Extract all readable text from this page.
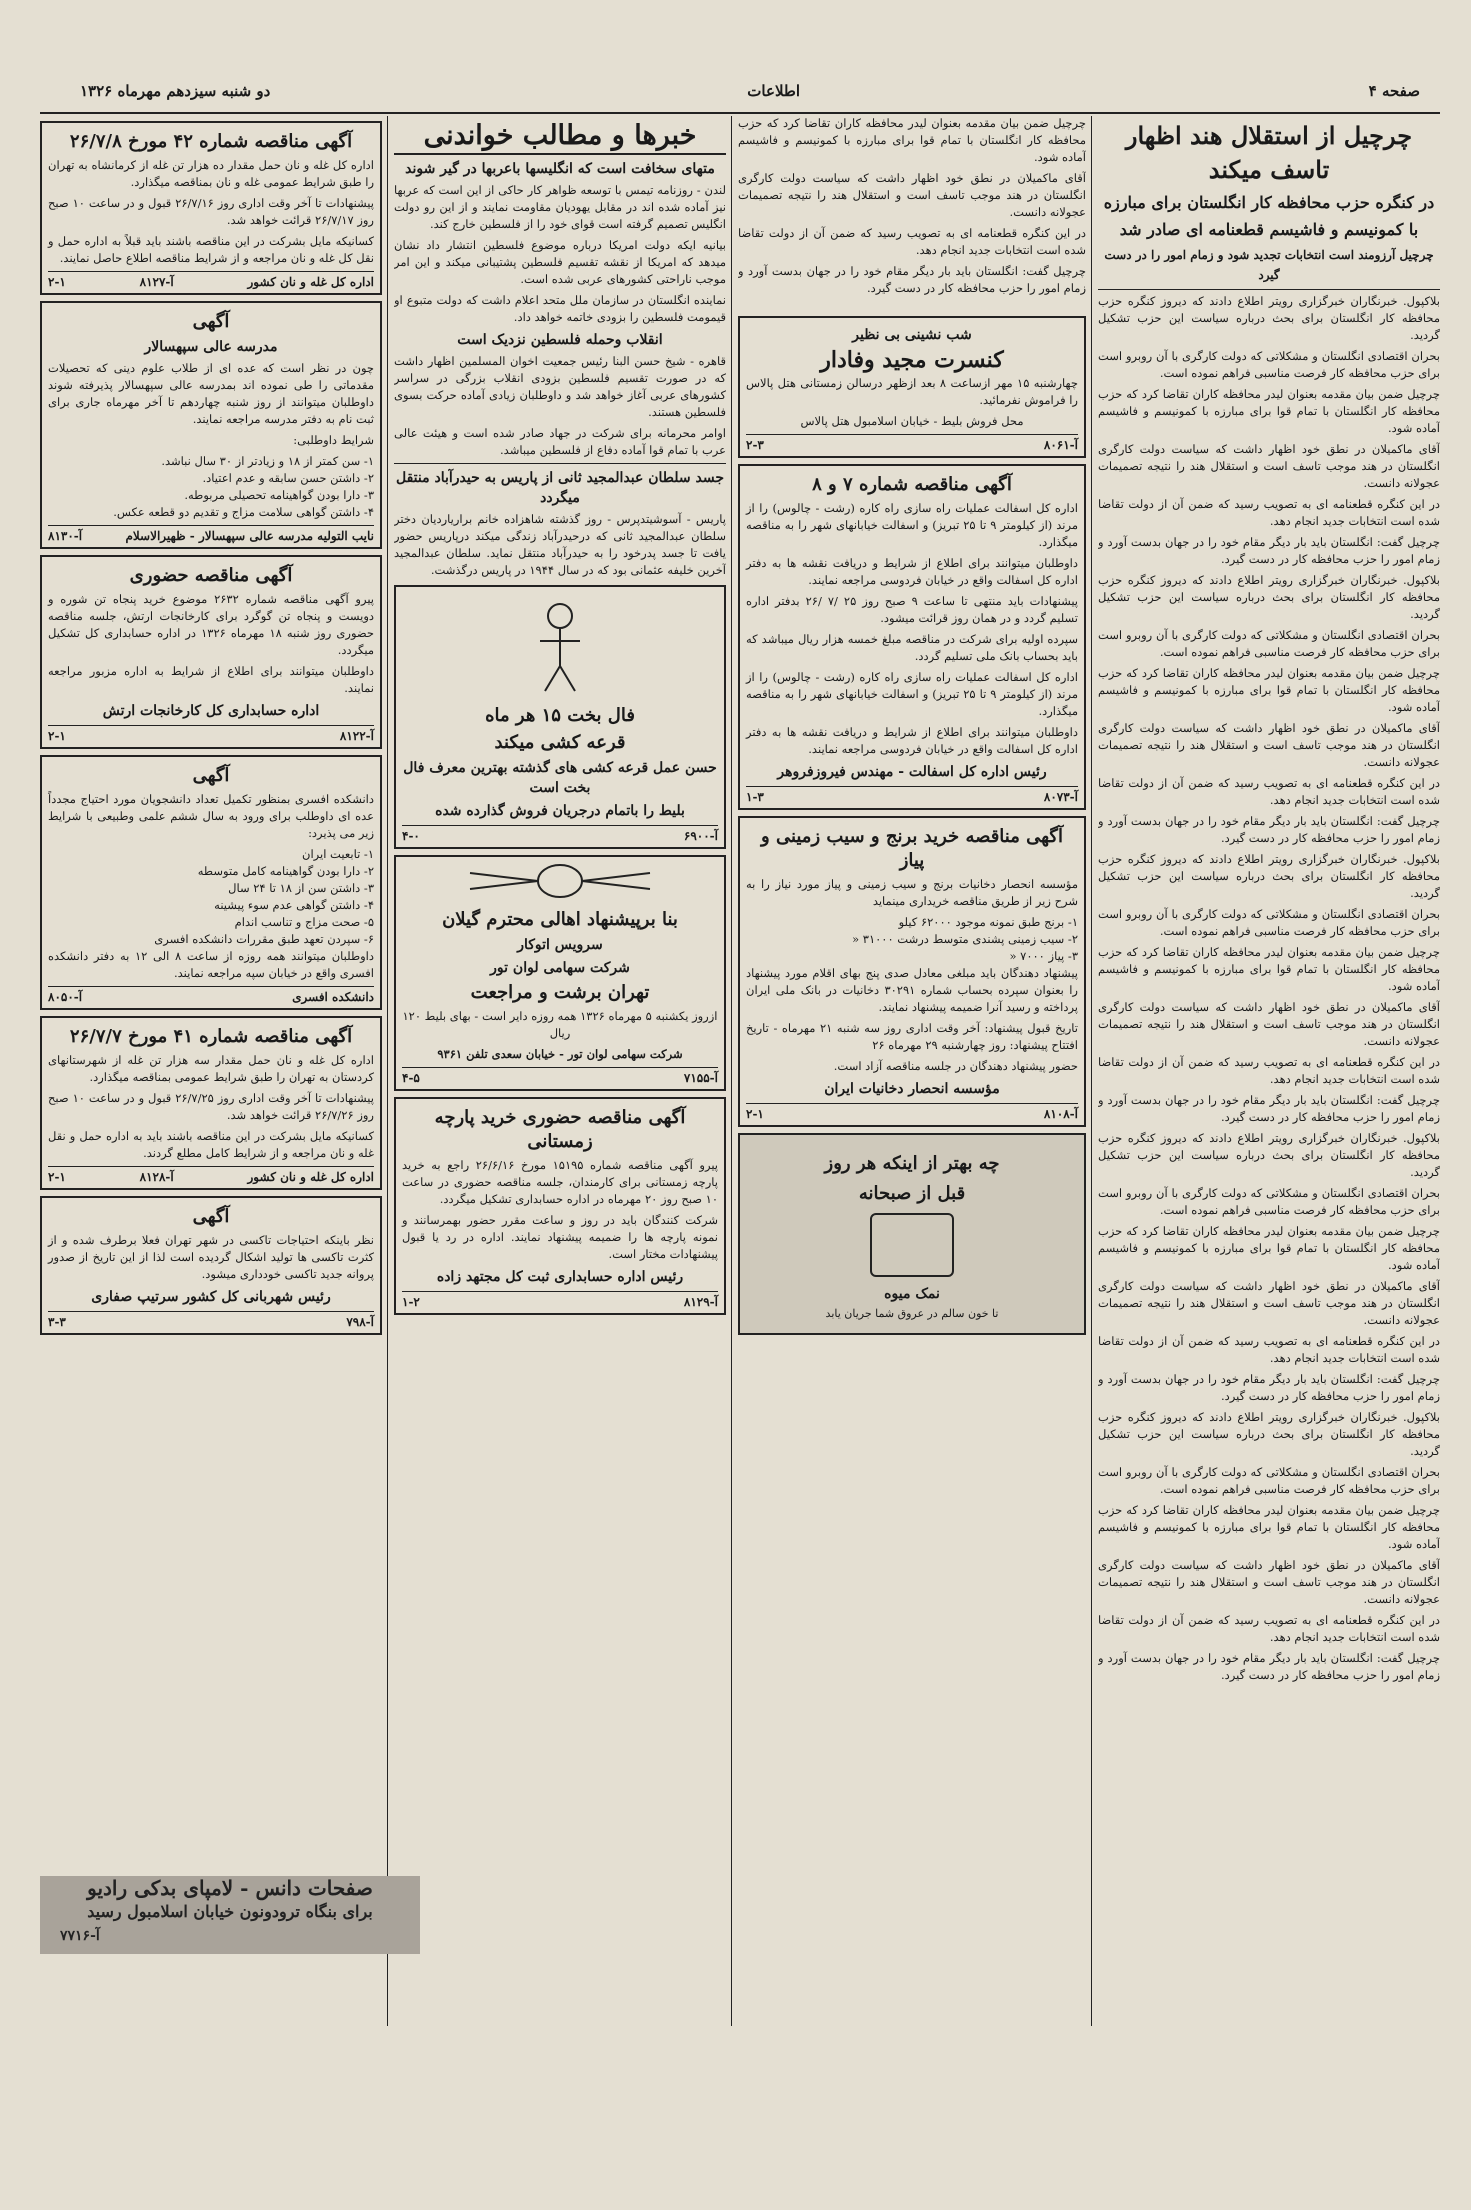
صفحه ۴
اطلاعات
دو شنبه سیزدهم مهرماه ۱۳۲۶
چرچیل از استقلال هند اظهار تاسف میکند
در کنگره حزب محافظه کار انگلستان برای مبارزه
با کمونیسم و فاشیسم قطعنامه ای صادر شد
چرچیل آرزومند است انتخابات تجدید شود و زمام امور را در دست گیرد

بلاكپول. خبرنگاران خبرگزاری رویتر اطلاع دادند که دیروز کنگره حزب محافظه کار انگلستان برای بحث درباره سیاست این حزب تشکیل گردید.

بحران اقتصادی انگلستان و مشکلاتی که دولت کارگری با آن روبرو است برای حزب محافظه کار فرصت مناسبی فراهم نموده است.

چرچیل ضمن بیان مقدمه بعنوان لیدر محافظه کاران تقاضا کرد که حزب محافظه کار انگلستان با تمام قوا برای مبارزه با کمونیسم و فاشیسم آماده شود.

آقای ماکمیلان در نطق خود اظهار داشت که سیاست دولت کارگری انگلستان در هند موجب تاسف است و استقلال هند را نتیجه تصمیمات عجولانه دانست.

در این کنگره قطعنامه ای به تصویب رسید که ضمن آن از دولت تقاضا شده است انتخابات جدید انجام دهد.

چرچیل گفت: انگلستان باید بار دیگر مقام خود را در جهان بدست آورد و زمام امور را حزب محافظه کار در دست گیرد.

بلاكپول. خبرنگاران خبرگزاری رویتر اطلاع دادند که دیروز کنگره حزب محافظه کار انگلستان برای بحث درباره سیاست این حزب تشکیل گردید.

بحران اقتصادی انگلستان و مشکلاتی که دولت کارگری با آن روبرو است برای حزب محافظه کار فرصت مناسبی فراهم نموده است.

چرچیل ضمن بیان مقدمه بعنوان لیدر محافظه کاران تقاضا کرد که حزب محافظه کار انگلستان با تمام قوا برای مبارزه با کمونیسم و فاشیسم آماده شود.

آقای ماکمیلان در نطق خود اظهار داشت که سیاست دولت کارگری انگلستان در هند موجب تاسف است و استقلال هند را نتیجه تصمیمات عجولانه دانست.

در این کنگره قطعنامه ای به تصویب رسید که ضمن آن از دولت تقاضا شده است انتخابات جدید انجام دهد.

چرچیل گفت: انگلستان باید بار دیگر مقام خود را در جهان بدست آورد و زمام امور را حزب محافظه کار در دست گیرد.

بلاكپول. خبرنگاران خبرگزاری رویتر اطلاع دادند که دیروز کنگره حزب محافظه کار انگلستان برای بحث درباره سیاست این حزب تشکیل گردید.

بحران اقتصادی انگلستان و مشکلاتی که دولت کارگری با آن روبرو است برای حزب محافظه کار فرصت مناسبی فراهم نموده است.

چرچیل ضمن بیان مقدمه بعنوان لیدر محافظه کاران تقاضا کرد که حزب محافظه کار انگلستان با تمام قوا برای مبارزه با کمونیسم و فاشیسم آماده شود.

آقای ماکمیلان در نطق خود اظهار داشت که سیاست دولت کارگری انگلستان در هند موجب تاسف است و استقلال هند را نتیجه تصمیمات عجولانه دانست.

در این کنگره قطعنامه ای به تصویب رسید که ضمن آن از دولت تقاضا شده است انتخابات جدید انجام دهد.

چرچیل گفت: انگلستان باید بار دیگر مقام خود را در جهان بدست آورد و زمام امور را حزب محافظه کار در دست گیرد.

بلاكپول. خبرنگاران خبرگزاری رویتر اطلاع دادند که دیروز کنگره حزب محافظه کار انگلستان برای بحث درباره سیاست این حزب تشکیل گردید.

بحران اقتصادی انگلستان و مشکلاتی که دولت کارگری با آن روبرو است برای حزب محافظه کار فرصت مناسبی فراهم نموده است.

چرچیل ضمن بیان مقدمه بعنوان لیدر محافظه کاران تقاضا کرد که حزب محافظه کار انگلستان با تمام قوا برای مبارزه با کمونیسم و فاشیسم آماده شود.

آقای ماکمیلان در نطق خود اظهار داشت که سیاست دولت کارگری انگلستان در هند موجب تاسف است و استقلال هند را نتیجه تصمیمات عجولانه دانست.

در این کنگره قطعنامه ای به تصویب رسید که ضمن آن از دولت تقاضا شده است انتخابات جدید انجام دهد.

چرچیل گفت: انگلستان باید بار دیگر مقام خود را در جهان بدست آورد و زمام امور را حزب محافظه کار در دست گیرد.

بلاكپول. خبرنگاران خبرگزاری رویتر اطلاع دادند که دیروز کنگره حزب محافظه کار انگلستان برای بحث درباره سیاست این حزب تشکیل گردید.

بحران اقتصادی انگلستان و مشکلاتی که دولت کارگری با آن روبرو است برای حزب محافظه کار فرصت مناسبی فراهم نموده است.

چرچیل ضمن بیان مقدمه بعنوان لیدر محافظه کاران تقاضا کرد که حزب محافظه کار انگلستان با تمام قوا برای مبارزه با کمونیسم و فاشیسم آماده شود.

آقای ماکمیلان در نطق خود اظهار داشت که سیاست دولت کارگری انگلستان در هند موجب تاسف است و استقلال هند را نتیجه تصمیمات عجولانه دانست.

در این کنگره قطعنامه ای به تصویب رسید که ضمن آن از دولت تقاضا شده است انتخابات جدید انجام دهد.

چرچیل گفت: انگلستان باید بار دیگر مقام خود را در جهان بدست آورد و زمام امور را حزب محافظه کار در دست گیرد.

شب نشینی بی نظیر
کنسرت مجید وفادار

چهارشنبه ۱۵ مهر ازساعت ۸ بعد ازظهر درسالن زمستانی هتل پالاس را فراموش نفرمائید.

محل فروش بلیط - خیابان اسلامبول هتل پالاس

آ-۸۰۶۱
۲-۳
آگهی مناقصه شماره ۷ و ۸

اداره کل اسفالت عملیات راه سازی راه کاره (رشت - چالوس) را از مرند (از کیلومتر ۹ تا ۲۵ تبریز) و اسفالت خیابانهای شهر را به مناقصه میگذارد.

داوطلبان میتوانند برای اطلاع از شرایط و دریافت نقشه ها به دفتر اداره کل اسفالت واقع در خیابان فردوسی مراجعه نمایند.

پیشنهادات باید منتهی تا ساعت ۹ صبح روز ۲۵ /۷ /۲۶ بدفتر اداره تسلیم گردد و در همان روز قرائت میشود.

سپرده اولیه برای شرکت در مناقصه مبلغ خمسه هزار ریال میباشد که باید بحساب بانک ملی تسلیم گردد.

اداره کل اسفالت عملیات راه سازی راه کاره (رشت - چالوس) را از مرند (از کیلومتر ۹ تا ۲۵ تبریز) و اسفالت خیابانهای شهر را به مناقصه میگذارد.

داوطلبان میتوانند برای اطلاع از شرایط و دریافت نقشه ها به دفتر اداره کل اسفالت واقع در خیابان فردوسی مراجعه نمایند.

رئیس اداره کل اسفالت - مهندس فیروزفروهر
آ-۸۰۷۳
۱-۳
آگهی مناقصه خرید برنج و سیب زمینی و پیاز

مؤسسه انحصار دخانیات برنج و سیب زمینی و پیاز مورد نیاز را به شرح زیر از طریق مناقصه خریداری مینماید

۱- برنج طبق نمونه موجود ۶۲۰۰۰ کیلو

۲- سیب زمینی پشندی متوسط درشت ۳۱۰۰۰ «

۳- پیاز ۷۰۰۰ «

پیشنهاد دهندگان باید مبلغی معادل صدی پنج بهای اقلام مورد پیشنهاد را بعنوان سپرده بحساب شماره ۳۰۲۹۱ دخانیات در بانک ملی ایران پرداخته و رسید آنرا ضمیمه پیشنهاد نمایند.

تاریخ قبول پیشنهاد: آخر وقت اداری روز سه شنبه ۲۱ مهرماه - تاریخ افتتاح پیشنهاد: روز چهارشنبه ۲۹ مهرماه ۲۶

حضور پیشنهاد دهندگان در جلسه مناقصه آزاد است.

مؤسسه انحصار دخانیات ایران
آ-۸۱۰۸
۲-۱
چه بهتر از اینکه هر روز
قبل از صبحانه
نمک میوه
تا خون سالم در عروق شما جریان یابد

چرچیل ضمن بیان مقدمه بعنوان لیدر محافظه کاران تقاضا کرد که حزب محافظه کار انگلستان با تمام قوا برای مبارزه با کمونیسم و فاشیسم آماده شود.

آقای ماکمیلان در نطق خود اظهار داشت که سیاست دولت کارگری انگلستان در هند موجب تاسف است و استقلال هند را نتیجه تصمیمات عجولانه دانست.

در این کنگره قطعنامه ای به تصویب رسید که ضمن آن از دولت تقاضا شده است انتخابات جدید انجام دهد.

چرچیل گفت: انگلستان باید بار دیگر مقام خود را در جهان بدست آورد و زمام امور را حزب محافظه کار در دست گیرد.

خبرها و مطالب خواندنی
متهای سخافت است که انگلیسها باعربها در گیر شوند

لندن - روزنامه تیمس با توسعه ظواهر کار حاکی از این است که عربها نیز آماده شده اند در مقابل یهودیان مقاومت نمایند و از این رو دولت انگلیس تصمیم گرفته است قوای خود را از فلسطین خارج کند.

بیانیه ایکه دولت امریکا درباره موضوع فلسطین انتشار داد نشان میدهد که امریکا از نقشه تقسیم فلسطین پشتیبانی میکند و این امر موجب ناراحتی کشورهای عربی شده است.

نماینده انگلستان در سازمان ملل متحد اعلام داشت که دولت متبوع او قیمومت فلسطین را بزودی خاتمه خواهد داد.

انقلاب وحمله فلسطین نزدیک است

قاهره - شیخ حسن البنا رئیس جمعیت اخوان المسلمین اظهار داشت که در صورت تقسیم فلسطین بزودی انقلاب بزرگی در سراسر کشورهای عربی آغاز خواهد شد و داوطلبان زیادی آماده حرکت بسوی فلسطین هستند.

اوامر محرمانه برای شرکت در جهاد صادر شده است و هیئت عالی عرب با تمام قوا آماده دفاع از فلسطین میباشد.

جسد سلطان عبدالمجید ثانی از پاریس به حیدرآباد منتقل میگردد

پاریس - آسوشیتدپرس - روز گذشته شاهزاده خانم براریاردیان دختر سلطان عبدالمجید ثانی که درحیدرآباد زندگی میکند درپاریس حضور یافت تا جسد پدرخود را به حیدرآباد منتقل نماید. سلطان عبدالمجید آخرین خلیفه عثمانی بود که در سال ۱۹۴۴ در پاریس درگذشت.

فال بخت ۱۵ هر ماه
قرعه کشی میکند
حسن عمل قرعه کشی های گذشته بهترین معرف فال بخت است
بلیط را باتمام درجریان فروش گذارده شده
آ-۶۹۰۰
۴-۰
بنا برپیشنهاد اهالی محترم گیلان
سرویس اتوکار
شرکت سهامی لوان تور
تهران برشت و مراجعت

ازروز یکشنبه ۵ مهرماه ۱۳۲۶ همه روزه دایر است - بهای بلیط ۱۲۰ ریال

شرکت سهامی لوان تور - خیابان سعدی تلفن ۹۳۶۱

آ-۷۱۵۵
۴-۵
آگهی مناقصه حضوری خرید پارچه زمستانی

پیرو آگهی مناقصه شماره ۱۵۱۹۵ مورخ ۲۶/۶/۱۶ راجع به خرید پارچه زمستانی برای کارمندان، جلسه مناقصه حضوری در ساعت ۱۰ صبح روز ۲۰ مهرماه در اداره حسابداری تشکیل میگردد.

شرکت کنندگان باید در روز و ساعت مقرر حضور بهمرسانند و نمونه پارچه ها را ضمیمه پیشنهاد نمایند. اداره در رد یا قبول پیشنهادات مختار است.

رئیس اداره حسابداری ثبت کل مجتهد زاده
آ-۸۱۲۹
۱-۲
آگهی مناقصه شماره ۴۲ مورخ ۲۶/۷/۸

اداره کل غله و نان حمل مقدار ده هزار تن غله از کرمانشاه به تهران را طبق شرایط عمومی غله و نان بمناقصه میگذارد.

پیشنهادات تا آخر وقت اداری روز ۲۶/۷/۱۶ قبول و در ساعت ۱۰ صبح روز ۲۶/۷/۱۷ قرائت خواهد شد.

کسانیکه مایل بشرکت در این مناقصه باشند باید قبلاً به اداره حمل و نقل کل غله و نان مراجعه و از شرایط مناقصه اطلاع حاصل نمایند.

اداره کل غله و نان کشور
آ-۸۱۲۷
۲-۱
آگهی
مدرسه عالی سپهسالار

چون در نظر است که عده ای از طلاب علوم دینی که تحصیلات مقدماتی را طی نموده اند بمدرسه عالی سپهسالار پذیرفته شوند داوطلبان میتوانند از روز شنبه چهاردهم تا آخر مهرماه جاری برای ثبت نام به دفتر مدرسه مراجعه نمایند.

شرایط داوطلبی:

۱- سن کمتر از ۱۸ و زیادتر از ۳۰ سال نباشد.

۲- داشتن حسن سابقه و عدم اعتیاد.

۳- دارا بودن گواهینامه تحصیلی مربوطه.

۴- داشتن گواهی سلامت مزاج و تقدیم دو قطعه عکس.

نایب التولیه مدرسه عالی سپهسالار - ظهیرالاسلام
آ-۸۱۳۰
آگهی مناقصه حضوری

پیرو آگهی مناقصه شماره ۲۶۳۲ موضوع خرید پنجاه تن شوره و دویست و پنجاه تن گوگرد برای کارخانجات ارتش، جلسه مناقصه حضوری روز شنبه ۱۸ مهرماه ۱۳۲۶ در اداره حسابداری کل تشکیل میگردد.

داوطلبان میتوانند برای اطلاع از شرایط به اداره مزبور مراجعه نمایند.

اداره حسابداری کل کارخانجات ارتش
آ-۸۱۲۲
۲-۱
آگهی

دانشکده افسری بمنظور تکمیل تعداد دانشجویان مورد احتیاج مجدداً عده ای داوطلب برای ورود به سال ششم علمی وطبیعی با شرایط زیر می پذیرد:

۱- تابعیت ایران

۲- دارا بودن گواهینامه کامل متوسطه

۳- داشتن سن از ۱۸ تا ۲۴ سال

۴- داشتن گواهی عدم سوء پیشینه

۵- صحت مزاج و تناسب اندام

۶- سپردن تعهد طبق مقررات دانشکده افسری

داوطلبان میتوانند همه روزه از ساعت ۸ الی ۱۲ به دفتر دانشکده افسری واقع در خیابان سپه مراجعه نمایند.

دانشکده افسری
آ-۸۰۵۰
آگهی مناقصه شماره ۴۱ مورخ ۲۶/۷/۷

اداره کل غله و نان حمل مقدار سه هزار تن غله از شهرستانهای کردستان به تهران را طبق شرایط عمومی بمناقصه میگذارد.

پیشنهادات تا آخر وقت اداری روز ۲۶/۷/۲۵ قبول و در ساعت ۱۰ صبح روز ۲۶/۷/۲۶ قرائت خواهد شد.

کسانیکه مایل بشرکت در این مناقصه باشند باید به اداره حمل و نقل غله و نان مراجعه و از شرایط کامل مطلع گردند.

اداره کل غله و نان کشور
آ-۸۱۲۸
۲-۱
آگهی

نظر باینکه احتیاجات تاکسی در شهر تهران فعلا برطرف شده و از کثرت تاکسی ها تولید اشکال گردیده است لذا از این تاریخ از صدور پروانه جدید تاکسی خودداری میشود.

رئیس شهربانی کل کشور سرتیپ صفاری
آ-۷۹۸
۳-۳
صفحات دانس - لامپای بدکی رادیو
برای بنگاه ترودونون خیابان اسلامبول رسید
آ-۷۷۱۶
